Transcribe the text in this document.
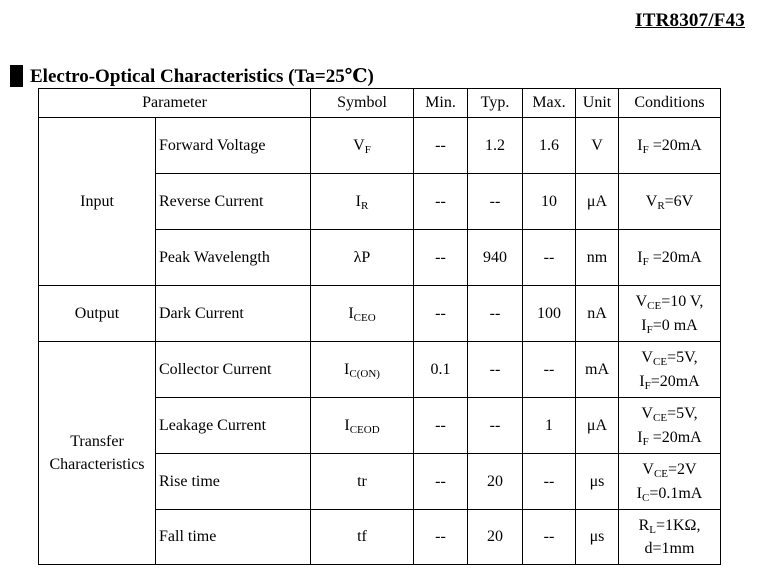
ITR8307/F43
Electro-Optical Characteristics (Ta=25℃)
Parameter		Symbol	Min.	Typ.	Max.	Unit	Conditions

Input	Forward Voltage	$V_F$	--	1.2	1.6	V	$I_F =20mA$

	Reverse Current	$I_R$	--	--	10	μA	$V_R=6V$

	Peak Wavelength	λP	--	940	--	nm	$I_F =20mA$

Output	Dark Current	$I_{CEO}$	--	--	100	nA	$V_{CE}=10$ V,
$I_F=0$ mA

Transfer
Characteristics	Collector Current	$I_{C(ON)}$	0.1	--	--	mA	$V_{CE}=5V$,
$I_F=20mA$

	Leakage Current	$I_{CEOD}$	--	--	1	μA	$V_{CE}=5V$,
$I_F =20mA$

	Rise time	tr	--	20	--	μs	$V_{CE}=2V$
$I_C=0.1mA$

	Fall time	tf	--	20	--	μs	$R_L=1K\Omega$,
d=1mm
